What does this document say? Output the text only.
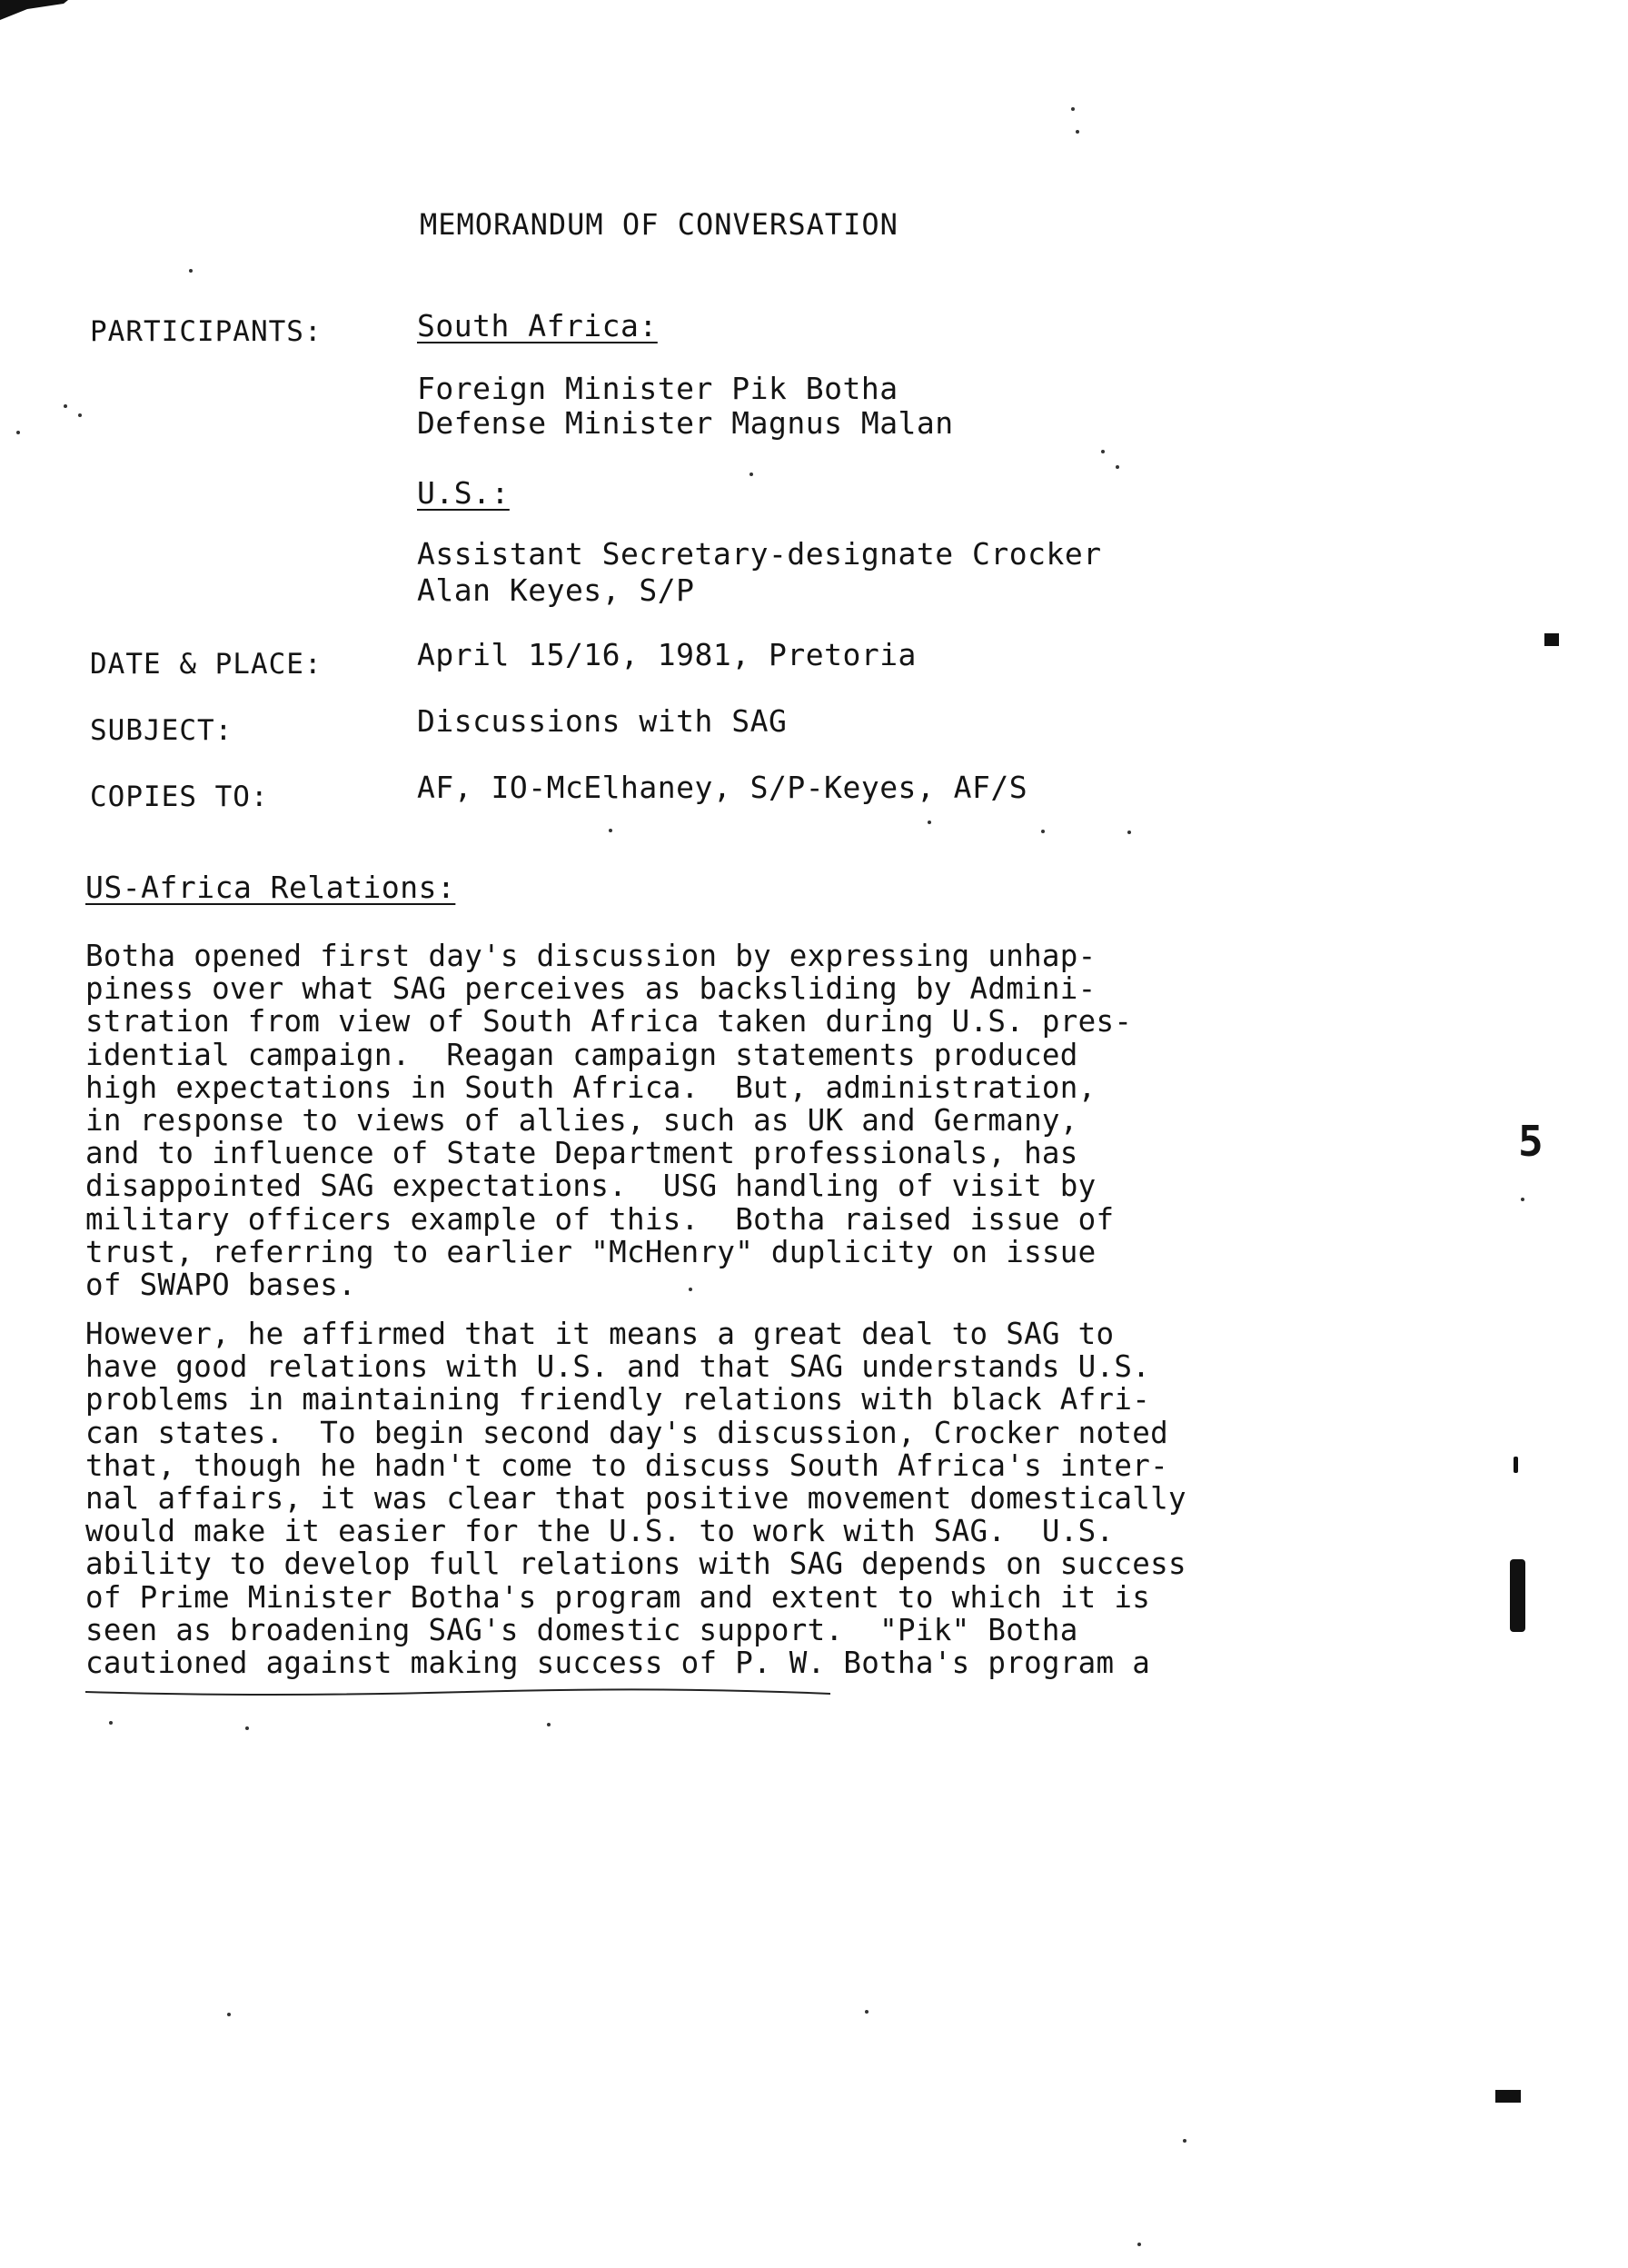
MEMORANDUM OF CONVERSATION
PARTICIPANTS:	South Africa:
Foreign Minister Pik Botha
Defense Minister Magnus Malan
U.S.:
Assistant Secretary-designate Crocker
Alan Keyes, S/P
DATE & PLACE:	April 15/16, 1981, Pretoria
SUBJECT:	Discussions with SAG
COPIES TO:	AF, IO-McElhaney, S/P-Keyes, AF/S
US-Africa Relations:
Botha opened first day's discussion by expressing unhap-
piness over what SAG perceives as backsliding by Admini-
stration from view of South Africa taken during U.S. pres-
idential campaign.  Reagan campaign statements produced
high expectations in South Africa.  But, administration,
in response to views of allies, such as UK and Germany,
and to influence of State Department professionals, has
disappointed SAG expectations.  USG handling of visit by
military officers example of this.  Botha raised issue of
trust, referring to earlier "McHenry" duplicity on issue
of SWAPO bases.
However, he affirmed that it means a great deal to SAG to
have good relations with U.S. and that SAG understands U.S.
problems in maintaining friendly relations with black Afri-
can states.  To begin second day's discussion, Crocker noted
that, though he hadn't come to discuss South Africa's inter-
nal affairs, it was clear that positive movement domestically
would make it easier for the U.S. to work with SAG.  U.S.
ability to develop full relations with SAG depends on success
of Prime Minister Botha's program and extent to which it is
seen as broadening SAG's domestic support.  "Pik" Botha
cautioned against making success of P. W. Botha's program a
5
